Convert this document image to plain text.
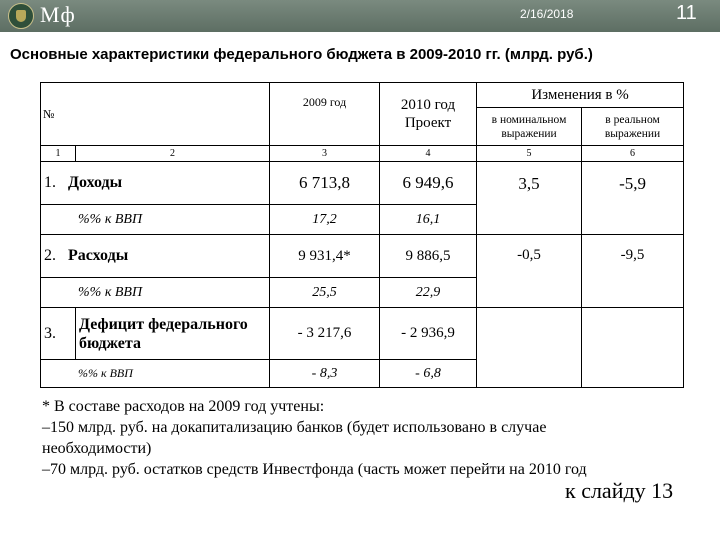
Мф	2/16/2018	11
Основные характеристики федерального бюджета в 2009-2010 гг. (млрд. руб.)
№		2009 год	2010 год Проект	Изменения в %	
				в номинальном выражении	в реальном выражении
1	2	3	4	5	6
1. Доходы		6 713,8	6 949,6	3,5	-5,9
%% к ВВП		17,2	16,1		
2. Расходы		9 931,4*	9 886,5	-0,5	-9,5
%% к ВВП		25,5	22,9		
3.	Дефицит федерального бюджета	- 3 217,6	- 2 936,9		
%% к ВВП		- 8,3	- 6,8		
* В составе расходов на 2009 год учтены:
–150 млрд. руб. на докапитализацию банков (будет использовано в случае необходимости)
–70 млрд. руб. остатков средств Инвестфонда (часть может перейти на 2010 год
к слайду 13
